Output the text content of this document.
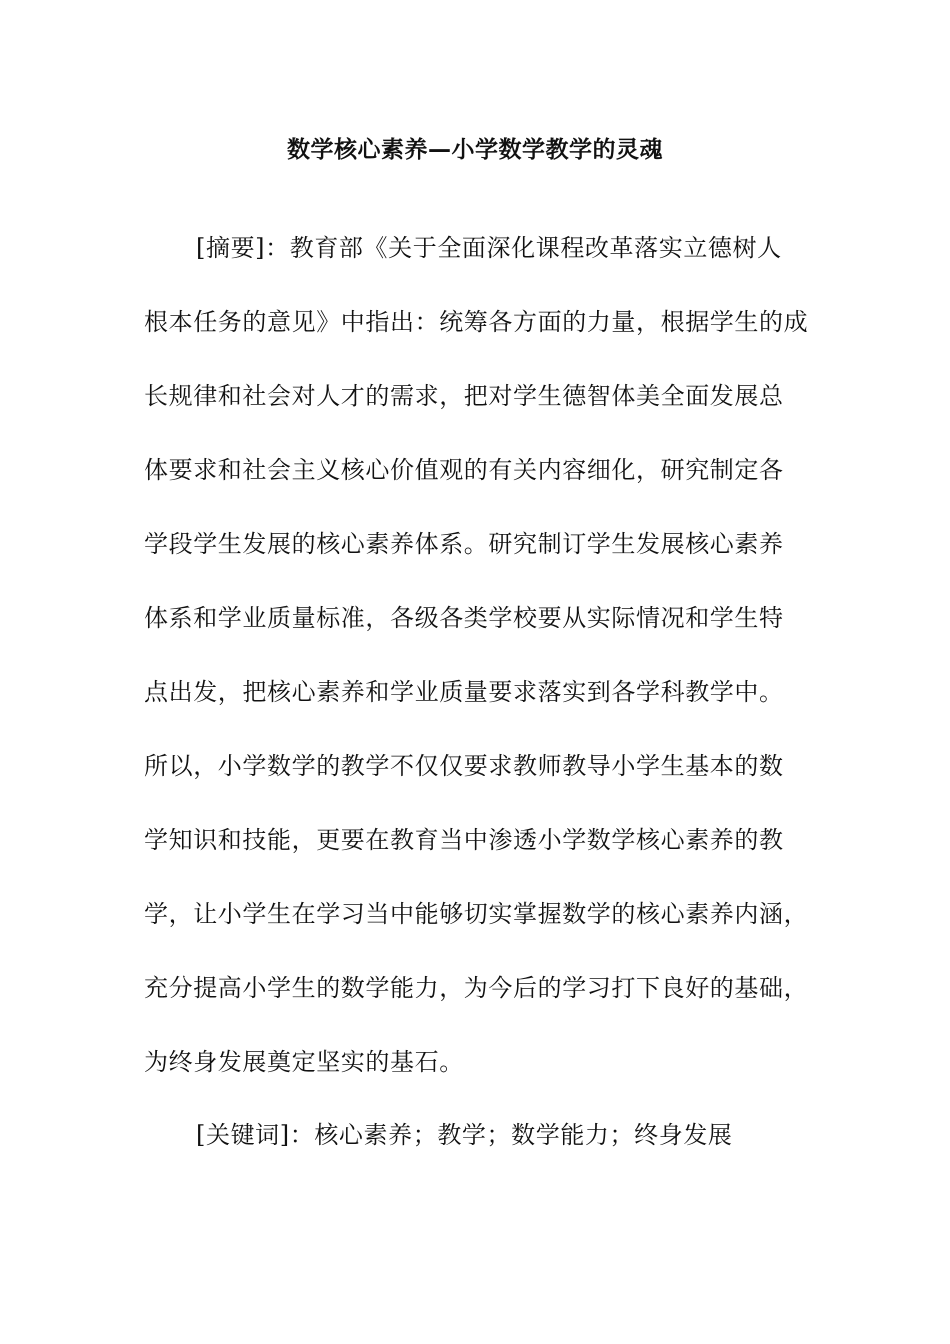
数学核心素养—小学数学教学的灵魂
[摘要]：教育部《关于全面深化课程改革落实立德树人
根本任务的意见》中指出：统筹各方面的力量，根据学生的成
长规律和社会对人才的需求，把对学生德智体美全面发展总
体要求和社会主义核心价值观的有关内容细化，研究制定各
学段学生发展的核心素养体系。研究制订学生发展核心素养
体系和学业质量标准，各级各类学校要从实际情况和学生特
点出发，把核心素养和学业质量要求落实到各学科教学中。
所以，小学数学的教学不仅仅要求教师教导小学生基本的数
学知识和技能，更要在教育当中渗透小学数学核心素养的教
学，让小学生在学习当中能够切实掌握数学的核心素养内涵，
充分提高小学生的数学能力，为今后的学习打下良好的基础，
为终身发展奠定坚实的基石。
[关键词]：核心素养；教学；数学能力；终身发展
